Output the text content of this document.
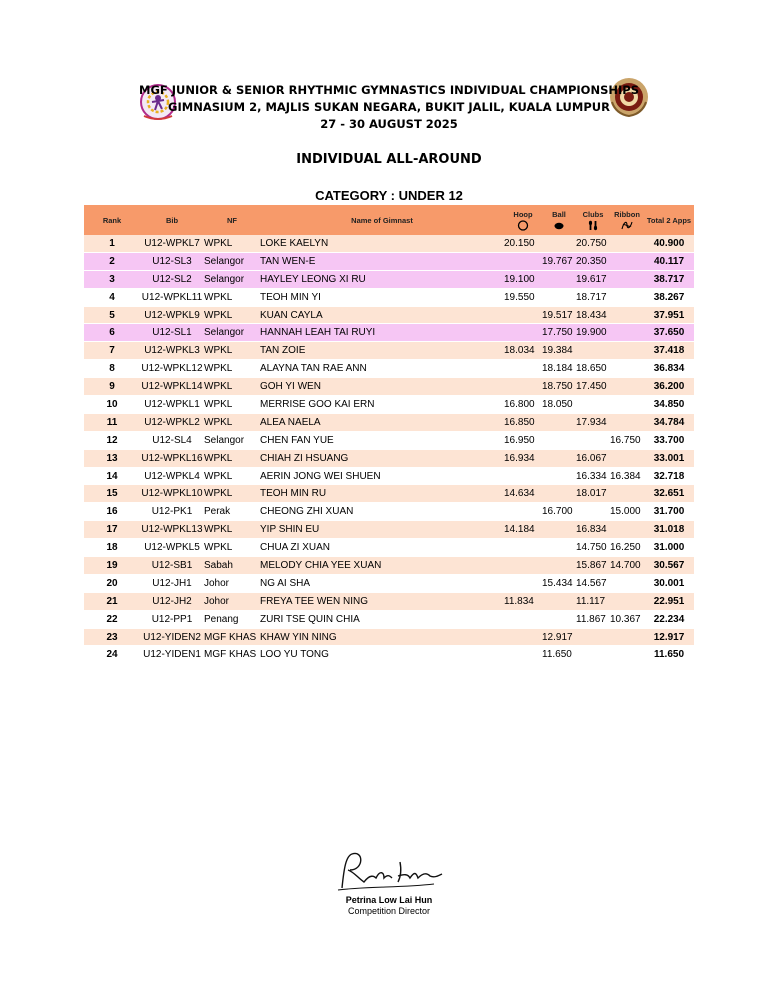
MGF JUNIOR & SENIOR RHYTHMIC GYMNASTICS INDIVIDUAL CHAMPIONSHIPS
GIMNASIUM 2, MAJLIS SUKAN NEGARA, BUKIT JALIL, KUALA LUMPUR
27 - 30 AUGUST 2025
INDIVIDUAL ALL-AROUND
CATEGORY : UNDER 12
Rank	Bib	NF	Name of Gimnast	Hoop	Ball	Clubs	Ribbon	Total 2 Apps
1	U12-WPKL7	WPKL	LOKE KAELYN	20.150		20.750		40.900
2	U12-SL3	Selangor	TAN WEN-E		19.767	20.350		40.117
3	U12-SL2	Selangor	HAYLEY LEONG XI RU	19.100		19.617		38.717
4	U12-WPKL11	WPKL	TEOH MIN YI	19.550		18.717		38.267
5	U12-WPKL9	WPKL	KUAN CAYLA		19.517	18.434		37.951
6	U12-SL1	Selangor	HANNAH LEAH TAI RUYI		17.750	19.900		37.650
7	U12-WPKL3	WPKL	TAN ZOIE	18.034	19.384			37.418
8	U12-WPKL12	WPKL	ALAYNA TAN RAE ANN		18.184	18.650		36.834
9	U12-WPKL14	WPKL	GOH YI WEN		18.750	17.450		36.200
10	U12-WPKL1	WPKL	MERRISE GOO KAI ERN	16.800	18.050			34.850
11	U12-WPKL2	WPKL	ALEA NAELA	16.850		17.934		34.784
12	U12-SL4	Selangor	CHEN FAN YUE	16.950			16.750	33.700
13	U12-WPKL16	WPKL	CHIAH ZI HSUANG	16.934		16.067		33.001
14	U12-WPKL4	WPKL	AERIN JONG WEI SHUEN			16.334	16.384	32.718
15	U12-WPKL10	WPKL	TEOH MIN RU	14.634		18.017		32.651
16	U12-PK1	Perak	CHEONG ZHI XUAN		16.700		15.000	31.700
17	U12-WPKL13	WPKL	YIP SHIN EU	14.184		16.834		31.018
18	U12-WPKL5	WPKL	CHUA ZI XUAN			14.750	16.250	31.000
19	U12-SB1	Sabah	MELODY CHIA YEE XUAN			15.867	14.700	30.567
20	U12-JH1	Johor	NG AI SHA		15.434	14.567		30.001
21	U12-JH2	Johor	FREYA TEE WEN NING	11.834		11.117		22.951
22	U12-PP1	Penang	ZURI TSE QUIN CHIA			11.867	10.367	22.234
23	U12-YIDEN2	MGF KHAS	KHAW YIN NING		12.917			12.917
24	U12-YIDEN1	MGF KHAS	LOO YU TONG		11.650			11.650
Petrina Low Lai Hun
Competition Director
